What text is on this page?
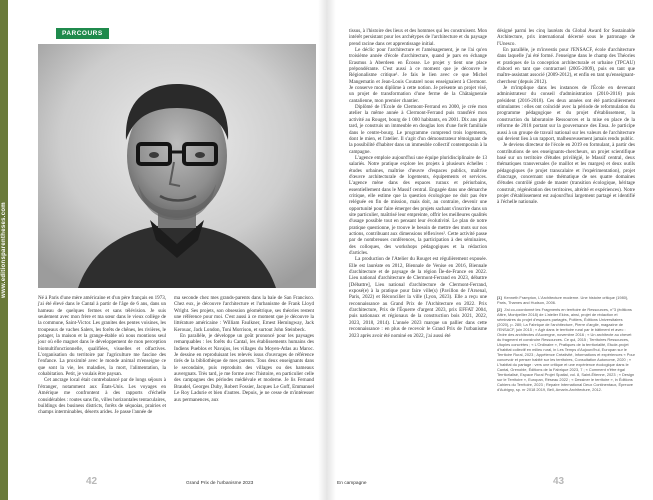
www.editionsparentheses.com
PARCOURS

Né à Paris d'une mère américaine et d'un père français en 1973, j'ai été élevé dans le Cantal à partir de l'âge de 6 ans, dans un hameau de quelques fermes et sans télévision. Je suis seulement avec mon frère et ma sœur dans le vieux collège de la commune, Saint-Victor. Les granites des pentes voisines, les troupeaux de vaches Salers, les forêts de chênes, les rivières, le potager, la maison et la grange-étable où nous montions seul jour où elle magnet dans le développement de mon perception biomultifonctionnelle, qualifiées, visuelles et olfactives. L'organisation du territoire par l'agriculture me fascine des l'enfance. La proximité avec le monde animal m'enseigne ce que sont la vie, les maladies, la mort, l'alimentation, la cohabitation. Petit, je voulais être paysan.
Cet ancrage local était contrebalancé par de longs séjours à l'étranger, notamment aux États-Unis. Les voyages en Amérique me confrontent à des rapports d'échelle considérables : routes sans fin, villes horizontales tentaculaires, buildings des business districts, forêts de séquoias, prairies et champs interminables, déserts arides. Je passe l'année de

ma seconde chez mes grands-parents dans la baie de San Francisco. Chez eux, je découvre l'architecture et l'urbanisme de Frank Lloyd Wright. Ses projets, son obsession géométrique, ses théories restent une référence pour moi. C'est aussi à ce moment que je découvre la littérature américaine : William Faulkner, Ernest Hemingway, Jack Kerouac, Jack London, Toni Morrison, et surtout John Steinbeck.
En parallèle, je développe un goût prononcé pour les paysages remarquables : les forêts du Cantal, les établissements humains des Indiens Pueblos et Navajos, les villages du Moyen-Atlas au Maroc. Je dessine en reproduisant les relevés issus d'ouvrages de référence tirés de la bibliothèque de mes parents. Tous deux enseignants dans le secondaire, puis reproduits des villages ou des hameaux auvergnats. Très tard, je me forme avec l'histoire, en particulier celle des campagnes des périodes médiévale et moderne. Je lis Fernand Braudel, Georges Duby, Robert Fossier, Jacques Le Goff, Emmanuel Le Roy Ladurie et bien d'autres. Depuis, je ne cesse de m'intéresser aux permanences, aux

42	Grand Prix de l'urbanisme 2023

tissus, à l'histoire des lieux et des hommes qui les construisent. Mon intérêt persistant pour les archétypes de l'architecture et du paysage prend racine dans cet apprentissage initial.
Le déclic pour l'architecture et l'aménagement, je ne l'ai qu'en troisième année d'école d'architecture, quand je pars en échange Erasmus à Aberdeen en Écosse. Le projet y tient une place prépondérante. C'est aussi à ce moment que je découvre le Régionalisme critique¹. Je fais le lien avec ce que Michel Mangematin et Jean-Louis Coutarel nous enseignaient à Clermont. Je conserve mon diplôme à cette notion. Je présente un projet visé, un projet de transformation d'une ferme de la Châtaigneraie cantalienne, mon premier chantier.
Diplômé de l'École de Clermont-Ferrand en 2000, je crée mon atelier la même année à Clermont-Ferrand puis transféré mon activité au Rouget, bourg de 1 000 habitants, en 2001. Dix ans plus tard, je construis un immeuble en douglas lors d'une forêt familiale dans le centre-bourg. Le programme comprend trois logements, dont le mien, et l'atelier. Il s'agit d'un démonstrateur témoignant de la possibilité d'habiter dans un immeuble collectif contemporain à la campagne.
L'agence emploie aujourd'hui une équipe pluridisciplinaire de 13 salariés. Notre pratique explore les projets à plusieurs échelles : études urbaines, maîtrise d'œuvre d'espaces publics, maîtrise d'œuvre architecturale de logements, équipements et services. L'agence mène dans des espaces ruraux et périurbains, essentiellement dans le Massif central. Engagée dans une démarche critique, elle estime que la question écologique ne doit pas être reléguée en fin de mission, mais doit, au contraire, devenir une opportunité pour faire émerger des projets sachant s'inscrire dans un site particulier, maîtrisé leur empreinte, offrir les meilleures qualités d'usage possible tout en pensant leur évolutivité. Le plan de notre pratique questionne, je trouve le besoin de mettre des mots sur nos actions, contribuant aux dimensions réflexives². Cette activité passe par de nombreuses conférences, la participation à des séminaires, des colloques, des workshops pédagogiques et la rédaction d'articles.
La production de l'Atelier du Rouget est régulièrement exposée. Elle est lauréate en 2012, Biennale de Venise en 2016, Biennale d'architecture et de paysage de la région Île-de-France en 2022. Lieu national d'architecture de Clermont-Ferrand en 2023, débattre [Débattre], Lieu national d'architecture de Clermont-Ferrand, exposé(e) à la pratique pour faire ville(s) (Pavillon de l'Arsenal, Paris, 2022) et Réconcilier la ville (Lyon, 2023). Elle a reçu une reconnaissance au Grand Prix de l'Architecture en 2022. Prix d'architecture, Prix de l'Équerre d'argent 2023, prix EFFAT 2004, puis nationaux et régionaux de la construction bois 2021, 2022, 2023, 2018, 2014). L'année 2023 marque un pallier dans cette reconnaissance : en plus de recevoir le Grand Prix de l'urbanisme 2023 après avoir été nominé en 2022, j'ai aussi été

désigné parmi les cinq lauréats du Global Award for Sustainable Architecture, prix international décerné sous le patronage de l'Unesco.
En parallèle, je m'investis pour l'ENSACF, école d'architecture dans laquelle j'ai été formé. J'enseigne dans le champ des Théories et pratiques de la conception architecturale et urbaine (TPCAU) d'abord en tant que contractuel (2005-2009), puis en tant que maître-assistant associé (2009-2012), et enfin en tant qu'enseignant-chercheur (depuis 2012).
Je m'implique dans les instances de l'École en devenant administrateur du conseil d'administration (2010-2016) puis président (2016-2018). Ces deux années ont été particulièrement stimulantes : elles ont coïncidé avec la période de reformulation du programme pédagogique et du projet d'établissement, la construction du laboratoire Ressources et la mise en place de la réforme de 2018 portant sur la gouvernance des Ensa. Je participe aussi à un groupe de travail national sur les valeurs de l'architecture qui devient lieu à un rapport, malheureusement jamais rendu public.
Je deviens directeur de l'école en 2019 en formulant, à partir des contributions de ses enseignants-chercheurs, un projet scientifique basé sur un territoire d'études privilégié, le Massif central, deux thématiques transversales (le maillot et les marges) et deux outils pédagogiques (le projet transcalaire et l'expérimentation), projet d'ancrage, concernant une thématique de ses quatre domaines d'études contrôlé grade de master (transition écologique, héritage construit, régénération des territoires, altérité et expériences). Notre projet d'établissement est aujourd'hui largement partagé et identifié à l'échelle nationale.

[1] Kenneth Frampton, L'Architecture moderne. Une histoire critique (1980), Paris, Thames and Hudson, 2006.

[2] J'ai co-coordonné les Fragments en territoire de Ressources, n°3 (éditions Altire, Montpellier 2018) de L'atelier Ekins, ainsi, projet de rédaction et séminaires du projet d'espaces partagés, Poitiers, Éditions Universitaires (2020), p. 280; La Fabrique de l'architecture, Pierre d'argile, magazine de l'ENSACF, juin 2015 ; « Agir dans le territoire rural par le bâtiment et avec : Ordre des architectes d'Auvergne, novembre 2016 ; « Un architecte au chevet du fragment et construire Ressources. Ce qui, 2015 ; Territoires Ressources, Utopies concrètes ; « L'Ordinaire », Pratiques de la territorialité, Etude-projet d'habitat collectif en milieu rural, in Les Temps d'Aujourd'hui, Europan sur le Territoire Rural, 2023 ; Appétence Créativité, Informations et expériences « Pour concevoir et penser habité sur les territoires, Consultation Autonome, 2020 ; « L'habitat du partage : vers une critique et une expérience écologique dans le Cantal, Grenoble, Éditions de la Fabrique 2023, 7 ; « Comment n'être égal Territorialisé, Espace Rural Projet Spatial, vol. 8, Saint-Étienne, 2023 ; « Design sur le Territoire », Europan, Réseau 2022 ; « Dessiner le territoire », in Éditions Cahiers du Territoire, 2023 ; Repaire International Deux Continentaux, Épreuve d'Aubigny, sp. nr 2018 2019, Bell, Amarin-Architecture, 2012.

En campagne	43
